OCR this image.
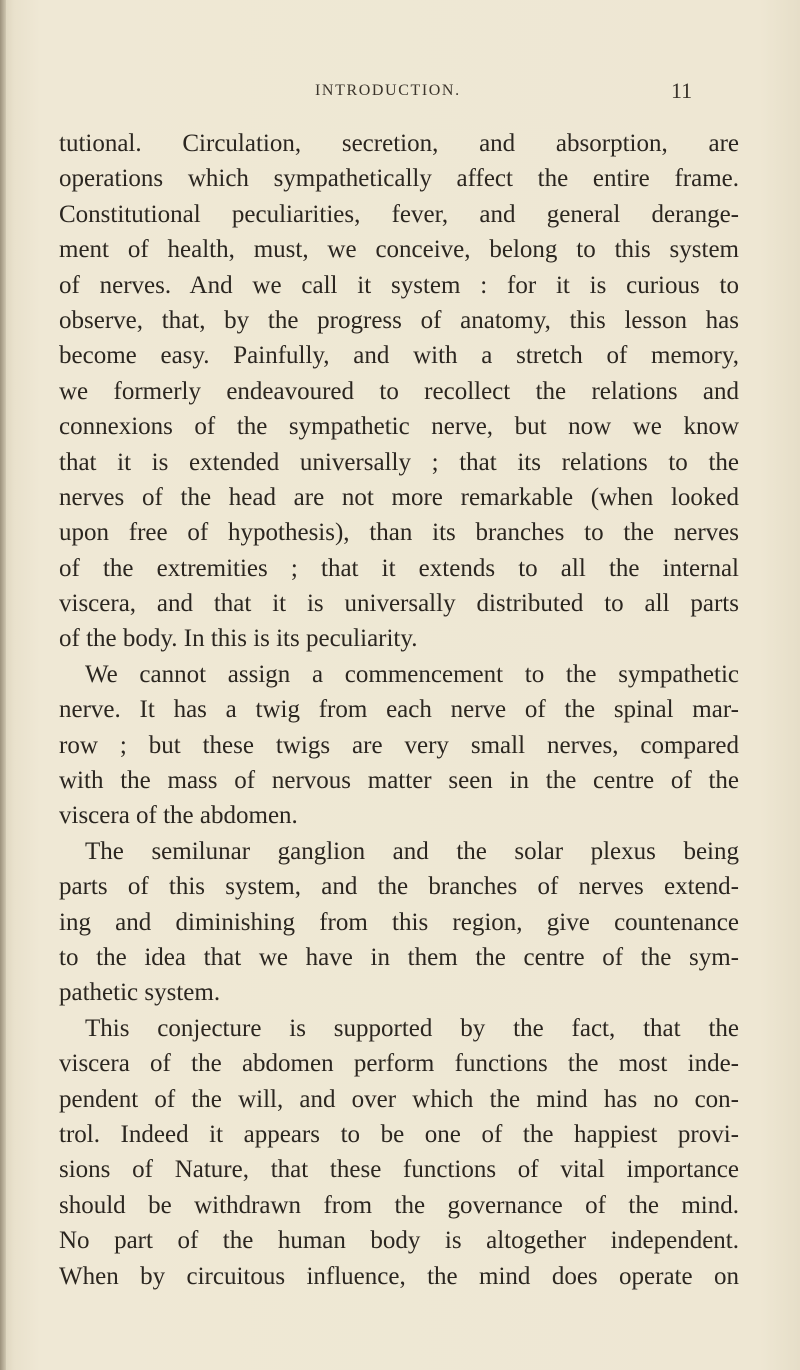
INTRODUCTION.	11
tutional. Circulation, secretion, and absorption, are
operations which sympathetically affect the entire frame.
Constitutional peculiarities, fever, and general derange-
ment of health, must, we conceive, belong to this system
of nerves. And we call it system : for it is curious to
observe, that, by the progress of anatomy, this lesson has
become easy. Painfully, and with a stretch of memory,
we formerly endeavoured to recollect the relations and
connexions of the sympathetic nerve, but now we know
that it is extended universally ; that its relations to the
nerves of the head are not more remarkable (when looked
upon free of hypothesis), than its branches to the nerves
of the extremities ; that it extends to all the internal
viscera, and that it is universally distributed to all parts
of the body. In this is its peculiarity.
We cannot assign a commencement to the sympathetic
nerve. It has a twig from each nerve of the spinal mar-
row ; but these twigs are very small nerves, compared
with the mass of nervous matter seen in the centre of the
viscera of the abdomen.
The semilunar ganglion and the solar plexus being
parts of this system, and the branches of nerves extend-
ing and diminishing from this region, give countenance
to the idea that we have in them the centre of the sym-
pathetic system.
This conjecture is supported by the fact, that the
viscera of the abdomen perform functions the most inde-
pendent of the will, and over which the mind has no con-
trol. Indeed it appears to be one of the happiest provi-
sions of Nature, that these functions of vital importance
should be withdrawn from the governance of the mind.
No part of the human body is altogether independent.
When by circuitous influence, the mind does operate on
